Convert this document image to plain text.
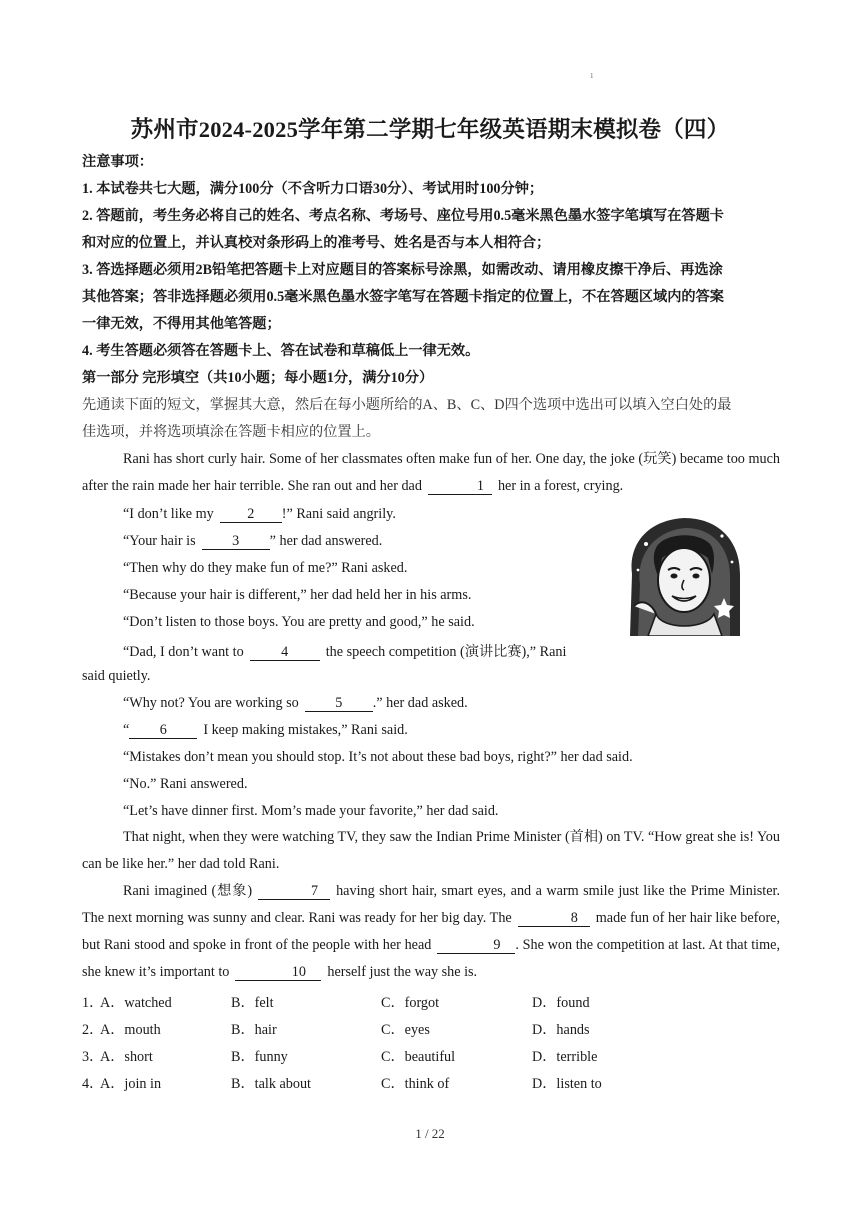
1
苏州市2024-2025学年第二学期七年级英语期末模拟卷（四）
注意事项：
1. 本试卷共七大题，满分100分（不含听力口语30分）、考试用时100分钟；
2. 答题前，考生务必将自己的姓名、考点名称、考场号、座位号用0.5毫米黑色墨水签字笔填写在答题卡
和对应的位置上，并认真校对条形码上的准考号、姓名是否与本人相符合；
3. 答选择题必须用2B铅笔把答题卡上对应题目的答案标号涂黑，如需改动、请用橡皮擦干净后、再选涂
其他答案；答非选择题必须用0.5毫米黑色墨水签字笔写在答题卡指定的位置上，不在答题区域内的答案
一律无效，不得用其他笔答题；
4. 考生答题必须答在答题卡上、答在试卷和草稿低上一律无效。
第一部分 完形填空（共10小题；每小题1分，满分10分）
先通读下面的短文，掌握其大意，然后在每小题所给的A、B、C、D四个选项中选出可以填入空白处的最
佳选项，并将选项填涂在答题卡相应的位置上。
Rani has short curly hair. Some of her classmates often make fun of her. One day, the joke (玩笑) became too much after the rain made her hair terrible. She ran out and her dad	1 her in a forest, crying.
“I don’t like my 2 !” Rani said angrily.
“Your hair is	3 ” her dad answered.
“Then why do they make fun of me?” Rani asked.
“Because your hair is different,” her dad held her in his arms.
“Don’t listen to those boys. You are pretty and good,” he said.
“Dad, I don’t want to	4	the speech competition (演讲比赛),” Rani
said quietly.
“Why not? You are working so	5 .” her dad asked.
“ 6	I keep making mistakes,” Rani said.
“Mistakes don’t mean you should stop. It’s not about these bad boys, right?” her dad said.
“No.” Rani answered.
“Let’s have dinner first. Mom’s made your favorite,” her dad said.
That night, when they were watching TV, they saw the Indian Prime Minister (首相) on TV. “How great she is! You can be like her.” her dad told Rani.
Rani imagined (想象)	7 having short hair, smart eyes, and a warm smile just like the Prime Minister. The next morning was sunny and clear. Rani was ready for her big day. The	8 made fun of her hair like before, but Rani stood and spoke in front of the people with her head	9 . She won the competition at last. At that time, she knew it’s important to	10 herself just the way she is.
1．
A．watched	B．felt	C．forgot	D．found
2．
A．mouth	B．hair	C．eyes	D．hands
3．
A．short	B．funny	C．beautiful	D．terrible
4．
A．join in	B．talk about	C．think of	D．listen to
1 / 22
